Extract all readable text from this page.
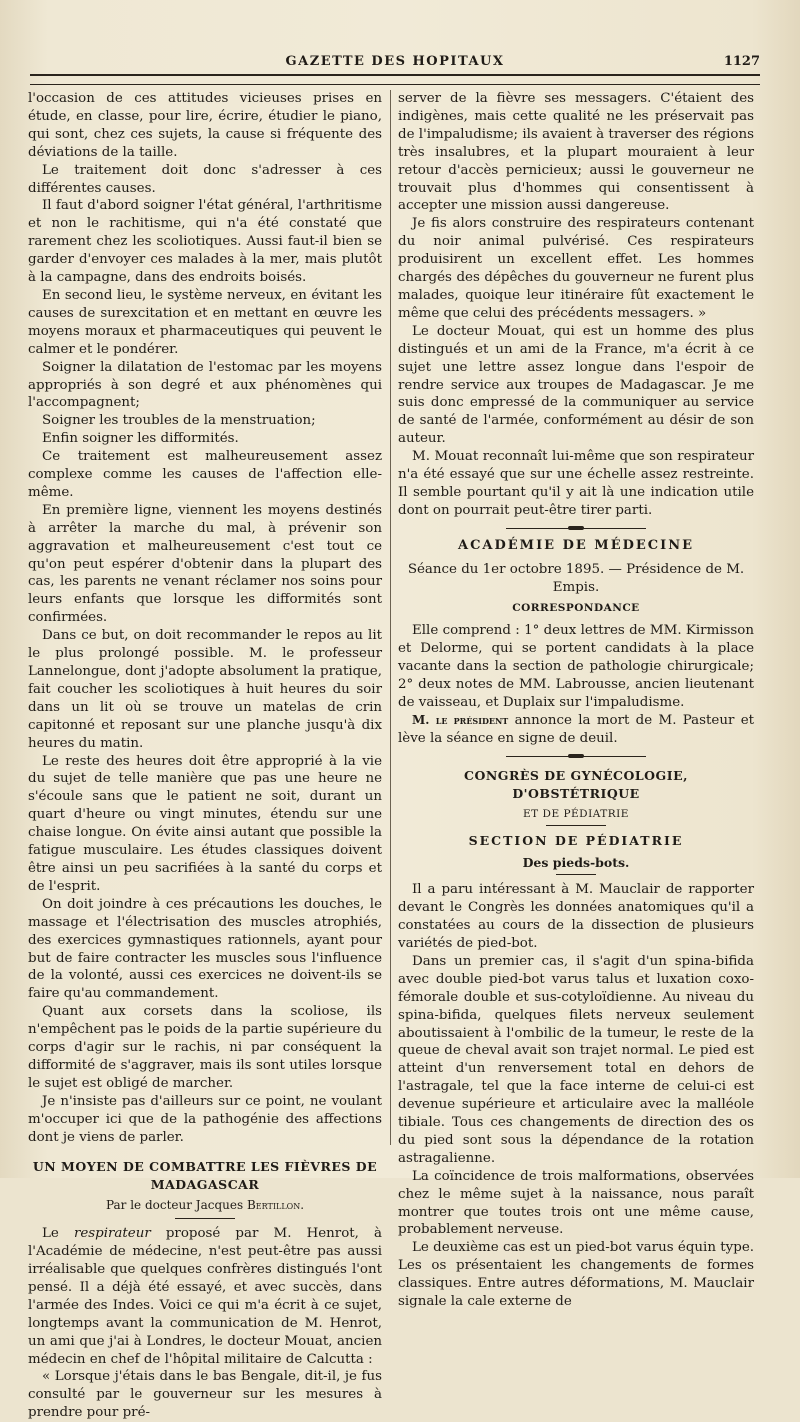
GAZETTE DES HOPITAUX	1127

l'occasion de ces attitudes vicieuses prises en étude, en classe, pour lire, écrire, étudier le piano, qui sont, chez ces sujets, la cause si fréquente des déviations de la taille.

Le traitement doit donc s'adresser à ces différentes causes.

Il faut d'abord soigner l'état général, l'arthritisme et non le rachitisme, qui n'a été constaté que rarement chez les scoliotiques. Aussi faut-il bien se garder d'envoyer ces malades à la mer, mais plutôt à la campagne, dans des endroits boisés.

En second lieu, le système nerveux, en évitant les causes de surexcitation et en mettant en œuvre les moyens moraux et pharmaceutiques qui peuvent le calmer et le pondérer.

Soigner la dilatation de l'estomac par les moyens appropriés à son degré et aux phénomènes qui l'accompagnent;

Soigner les troubles de la menstruation;

Enfin soigner les difformités.

Ce traitement est malheureusement assez complexe comme les causes de l'affection elle-même.

En première ligne, viennent les moyens destinés à arrêter la marche du mal, à prévenir son aggravation et malheureusement c'est tout ce qu'on peut espérer d'obtenir dans la plupart des cas, les parents ne venant réclamer nos soins pour leurs enfants que lorsque les difformités sont confirmées.

Dans ce but, on doit recommander le repos au lit le plus prolongé possible. M. le professeur Lannelongue, dont j'adopte absolument la pratique, fait coucher les scoliotiques à huit heures du soir dans un lit où se trouve un matelas de crin capitonné et reposant sur une planche jusqu'à dix heures du matin.

Le reste des heures doit être approprié à la vie du sujet de telle manière que pas une heure ne s'écoule sans que le patient ne soit, durant un quart d'heure ou vingt minutes, étendu sur une chaise longue. On évite ainsi autant que possible la fatigue musculaire. Les études classiques doivent être ainsi un peu sacrifiées à la santé du corps et de l'esprit.

On doit joindre à ces précautions les douches, le massage et l'électrisation des muscles atrophiés, des exercices gymnastiques rationnels, ayant pour but de faire contracter les muscles sous l'influence de la volonté, aussi ces exercices ne doivent-ils se faire qu'au commandement.

Quant aux corsets dans la scoliose, ils n'empêchent pas le poids de la partie supérieure du corps d'agir sur le rachis, ni par conséquent la difformité de s'aggraver, mais ils sont utiles lorsque le sujet est obligé de marcher.

Je n'insiste pas d'ailleurs sur ce point, ne voulant m'occuper ici que de la pathogénie des affections dont je viens de parler.

UN MOYEN DE COMBATTRE LES FIÈVRES DE MADAGASCAR
Par le docteur Jacques Bertillon.

Le respirateur proposé par M. Henrot, à l'Académie de médecine, n'est peut-être pas aussi irréalisable que quelques confrères distingués l'ont pensé. Il a déjà été essayé, et avec succès, dans l'armée des Indes. Voici ce qui m'a écrit à ce sujet, longtemps avant la communication de M. Henrot, un ami que j'ai à Londres, le docteur Mouat, ancien médecin en chef de l'hôpital militaire de Calcutta :

« Lorsque j'étais dans le bas Bengale, dit-il, je fus consulté par le gouverneur sur les mesures à prendre pour pré-

server de la fièvre ses messagers. C'étaient des indigènes, mais cette qualité ne les préservait pas de l'impaludisme; ils avaient à traverser des régions très insalubres, et la plupart mouraient à leur retour d'accès pernicieux; aussi le gouverneur ne trouvait plus d'hommes qui consentissent à accepter une mission aussi dangereuse.

Je fis alors construire des respirateurs contenant du noir animal pulvérisé. Ces respirateurs produisirent un excellent effet. Les hommes chargés des dépêches du gouverneur ne furent plus malades, quoique leur itinéraire fût exactement le même que celui des précédents messagers. »

Le docteur Mouat, qui est un homme des plus distingués et un ami de la France, m'a écrit à ce sujet une lettre assez longue dans l'espoir de rendre service aux troupes de Madagascar. Je me suis donc empressé de la communiquer au service de santé de l'armée, conformément au désir de son auteur.

M. Mouat reconnaît lui-même que son respirateur n'a été essayé que sur une échelle assez restreinte. Il semble pourtant qu'il y ait là une indication utile dont on pourrait peut-être tirer parti.

ACADÉMIE DE MÉDECINE
Séance du 1er octobre 1895. — Présidence de M. Empis.
CORRESPONDANCE

Elle comprend : 1° deux lettres de MM. Kirmisson et Delorme, qui se portent candidats à la place vacante dans la section de pathologie chirurgicale; 2° deux notes de MM. Labrousse, ancien lieutenant de vaisseau, et Duplaix sur l'impaludisme.

M. le président annonce la mort de M. Pasteur et lève la séance en signe de deuil.

CONGRÈS DE GYNÉCOLOGIE, D'OBSTÉTRIQUE
ET DE PÉDIATRIE
SECTION DE PÉDIATRIE
Des pieds-bots.

Il a paru intéressant à M. Mauclair de rapporter devant le Congrès les données anatomiques qu'il a constatées au cours de la dissection de plusieurs variétés de pied-bot.

Dans un premier cas, il s'agit d'un spina-bifida avec double pied-bot varus talus et luxation coxo-fémorale double et sus-cotyloïdienne. Au niveau du spina-bifida, quelques filets nerveux seulement aboutissaient à l'ombilic de la tumeur, le reste de la queue de cheval avait son trajet normal. Le pied est atteint d'un renversement total en dehors de l'astragale, tel que la face interne de celui-ci est devenue supérieure et articulaire avec la malléole tibiale. Tous ces changements de direction des os du pied sont sous la dépendance de la rotation astragalienne.

La coïncidence de trois malformations, observées chez le même sujet à la naissance, nous paraît montrer que toutes trois ont une même cause, probablement nerveuse.

Le deuxième cas est un pied-bot varus équin type. Les os présentaient les changements de formes classiques. Entre autres déformations, M. Mauclair signale la cale externe de
